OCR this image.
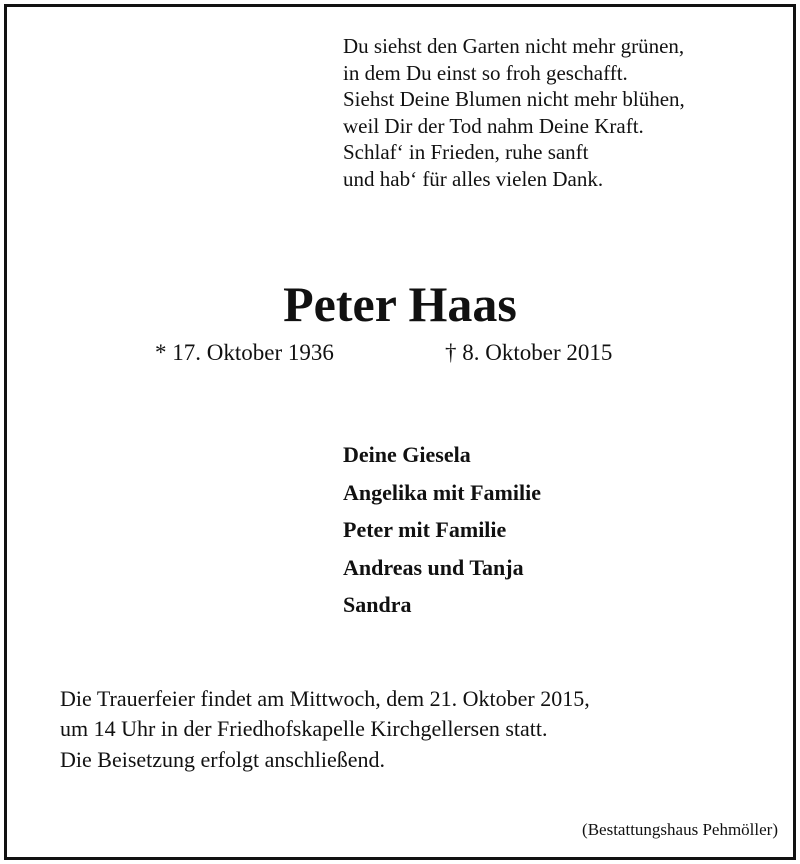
Du siehst den Garten nicht mehr grünen,
in dem Du einst so froh geschafft.
Siehst Deine Blumen nicht mehr blühen,
weil Dir der Tod nahm Deine Kraft.
Schlaf‘ in Frieden, ruhe sanft
und hab‘ für alles vielen Dank.
Peter Haas
* 17. Oktober 1936	† 8. Oktober 2015
Deine Giesela
Angelika mit Familie
Peter mit Familie
Andreas und Tanja
Sandra
Die Trauerfeier findet am Mittwoch, dem 21. Oktober 2015,
um 14 Uhr in der Friedhofskapelle Kirchgellersen statt.
Die Beisetzung erfolgt anschließend.
(Bestattungshaus Pehmöller)
